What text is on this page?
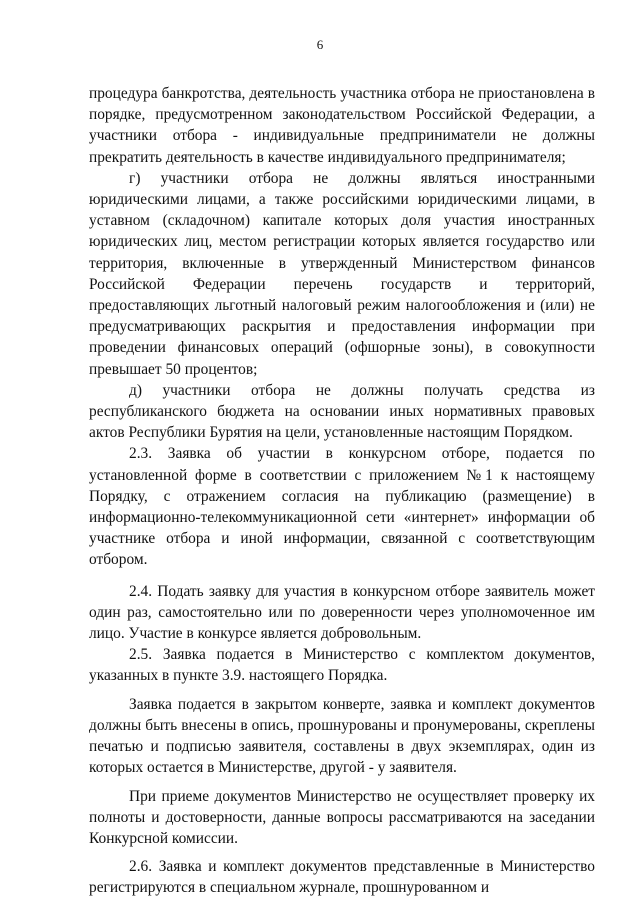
6

процедура банкротства, деятельность участника отбора не приостановлена в порядке, предусмотренном законодательством Российской Федерации, а участники отбора - индивидуальные предприниматели не должны прекратить деятельность в качестве индивидуального предпринимателя;

г) участники отбора не должны являться иностранными юридическими лицами, а также российскими юридическими лицами, в уставном (складочном) капитале которых доля участия иностранных юридических лиц, местом регистрации которых является государство или территория, включенные в утвержденный Министерством финансов Российской Федерации перечень государств и территорий, предоставляющих льготный налоговый режим налогообложения и (или) не предусматривающих раскрытия и предоставления информации при проведении финансовых операций (офшорные зоны), в совокупности превышает 50 процентов;

д) участники отбора не должны получать средства из республиканского бюджета на основании иных нормативных правовых актов Республики Бурятия на цели, установленные настоящим Порядком.

2.3. Заявка об участии в конкурсном отборе, подается по установленной форме в соответствии с приложением №1 к настоящему Порядку, с отражением согласия на публикацию (размещение) в информационно-телекоммуникационной сети «интернет» информации об участнике отбора и иной информации, связанной с соответствующим отбором.

2.4. Подать заявку для участия в конкурсном отборе заявитель может один раз, самостоятельно или по доверенности через уполномоченное им лицо. Участие в конкурсе является добровольным.

2.5. Заявка подается в Министерство с комплектом документов, указанных в пункте 3.9. настоящего Порядка.

Заявка подается в закрытом конверте, заявка и комплект документов должны быть внесены в опись, прошнурованы и пронумерованы, скреплены печатью и подписью заявителя, составлены в двух экземплярах, один из которых остается в Министерстве, другой - у заявителя.

При приеме документов Министерство не осуществляет проверку их полноты и достоверности, данные вопросы рассматриваются на заседании Конкурсной комиссии.

2.6. Заявка и комплект документов представленные в Министерство регистрируются в специальном журнале, прошнурованном и
